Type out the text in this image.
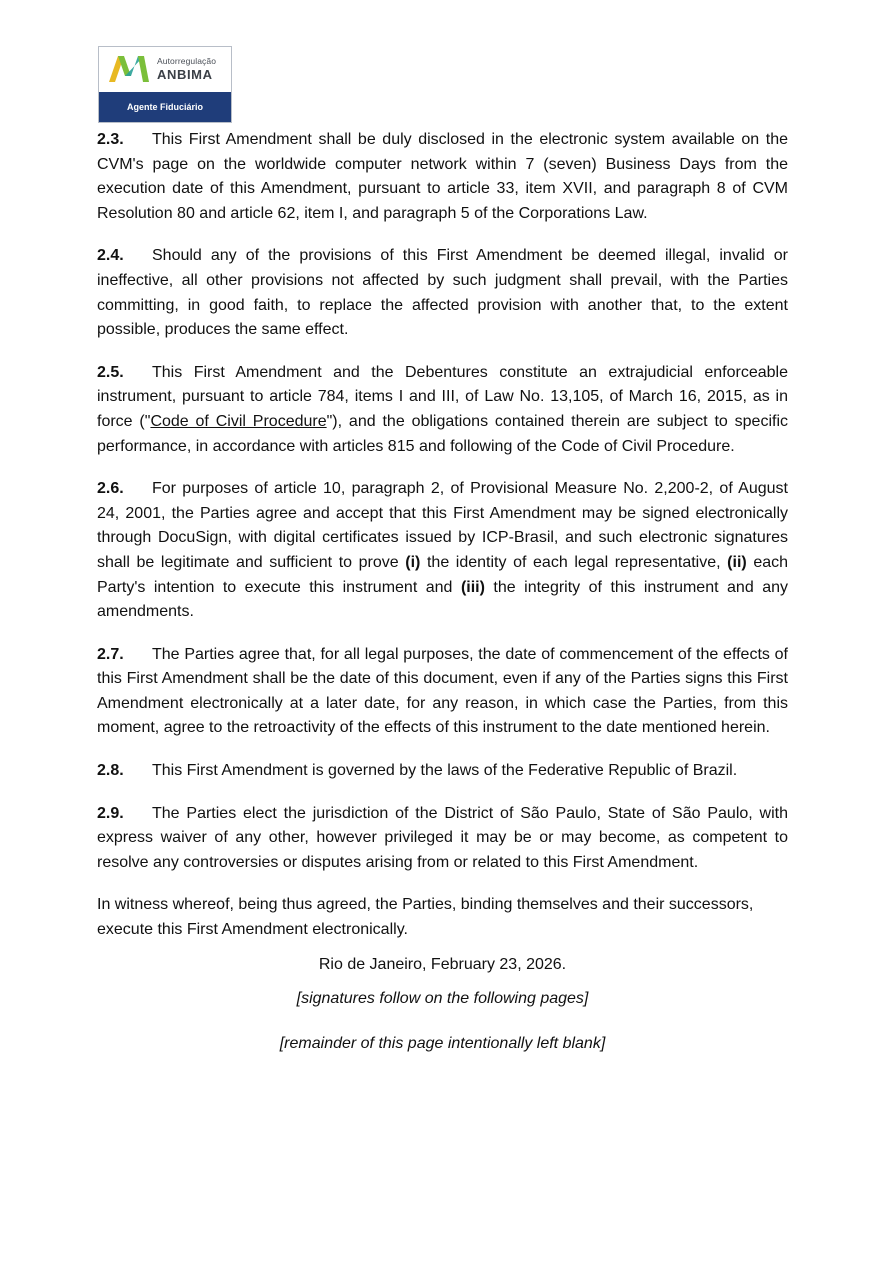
Autorregulação
ANBIMA
Agente Fiduciário

2.3. This First Amendment shall be duly disclosed in the electronic system available on the CVM's page on the worldwide computer network within 7 (seven) Business Days from the execution date of this Amendment, pursuant to article 33, item XVII, and paragraph 8 of CVM Resolution 80 and article 62, item I, and paragraph 5 of the Corporations Law.

2.4. Should any of the provisions of this First Amendment be deemed illegal, invalid or ineffective, all other provisions not affected by such judgment shall prevail, with the Parties committing, in good faith, to replace the affected provision with another that, to the extent possible, produces the same effect.

2.5. This First Amendment and the Debentures constitute an extrajudicial enforceable instrument, pursuant to article 784, items I and III, of Law No. 13,105, of March 16, 2015, as in force ("Code of Civil Procedure"), and the obligations contained therein are subject to specific performance, in accordance with articles 815 and following of the Code of Civil Procedure.

2.6. For purposes of article 10, paragraph 2, of Provisional Measure No. 2,200-2, of August 24, 2001, the Parties agree and accept that this First Amendment may be signed electronically through DocuSign, with digital certificates issued by ICP-Brasil, and such electronic signatures shall be legitimate and sufficient to prove (i) the identity of each legal representative, (ii) each Party's intention to execute this instrument and (iii) the integrity of this instrument and any amendments.

2.7. The Parties agree that, for all legal purposes, the date of commencement of the effects of this First Amendment shall be the date of this document, even if any of the Parties signs this First Amendment electronically at a later date, for any reason, in which case the Parties, from this moment, agree to the retroactivity of the effects of this instrument to the date mentioned herein.

2.8. This First Amendment is governed by the laws of the Federative Republic of Brazil.

2.9. The Parties elect the jurisdiction of the District of São Paulo, State of São Paulo, with express waiver of any other, however privileged it may be or may become, as competent to resolve any controversies or disputes arising from or related to this First Amendment.

In witness whereof, being thus agreed, the Parties, binding themselves and their successors, execute this First Amendment electronically.

Rio de Janeiro, February 23, 2026.

[signatures follow on the following pages]

[remainder of this page intentionally left blank]
